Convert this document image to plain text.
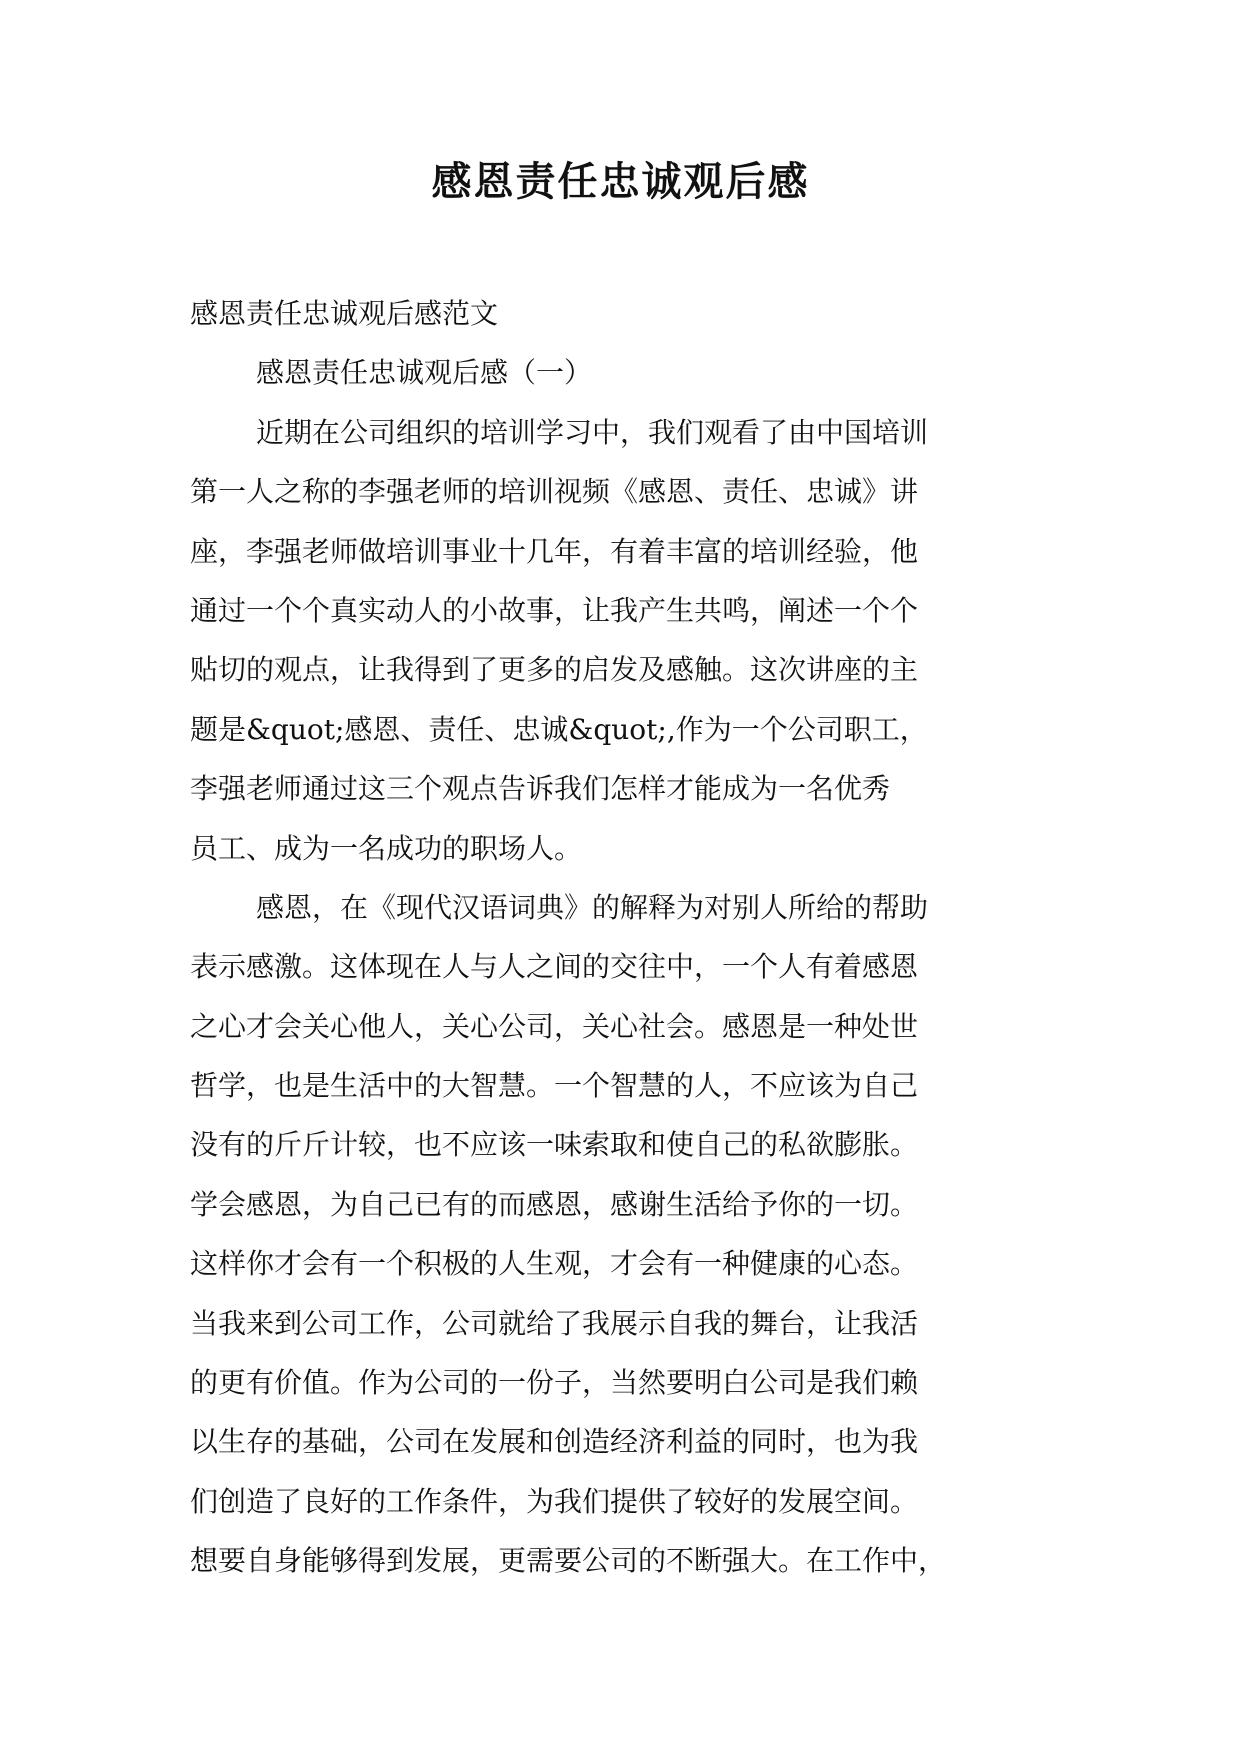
感恩责任忠诚观后感

感恩责任忠诚观后感范文

感恩责任忠诚观后感（一）

近期在公司组织的培训学习中，我们观看了由中国培训

第一人之称的李强老师的培训视频《感恩、责任、忠诚》讲

座，李强老师做培训事业十几年，有着丰富的培训经验，他

通过一个个真实动人的小故事，让我产生共鸣，阐述一个个

贴切的观点，让我得到了更多的启发及感触。这次讲座的主

题是&quot;感恩、责任、忠诚&quot;,作为一个公司职工，

李强老师通过这三个观点告诉我们怎样才能成为一名优秀

员工、成为一名成功的职场人。

感恩，在《现代汉语词典》的解释为对别人所给的帮助

表示感激。这体现在人与人之间的交往中，一个人有着感恩

之心才会关心他人，关心公司，关心社会。感恩是一种处世

哲学，也是生活中的大智慧。一个智慧的人，不应该为自己

没有的斤斤计较，也不应该一味索取和使自己的私欲膨胀。

学会感恩，为自己已有的而感恩，感谢生活给予你的一切。

这样你才会有一个积极的人生观，才会有一种健康的心态。

当我来到公司工作，公司就给了我展示自我的舞台，让我活

的更有价值。作为公司的一份子，当然要明白公司是我们赖

以生存的基础，公司在发展和创造经济利益的同时，也为我

们创造了良好的工作条件，为我们提供了较好的发展空间。

想要自身能够得到发展，更需要公司的不断强大。在工作中，
